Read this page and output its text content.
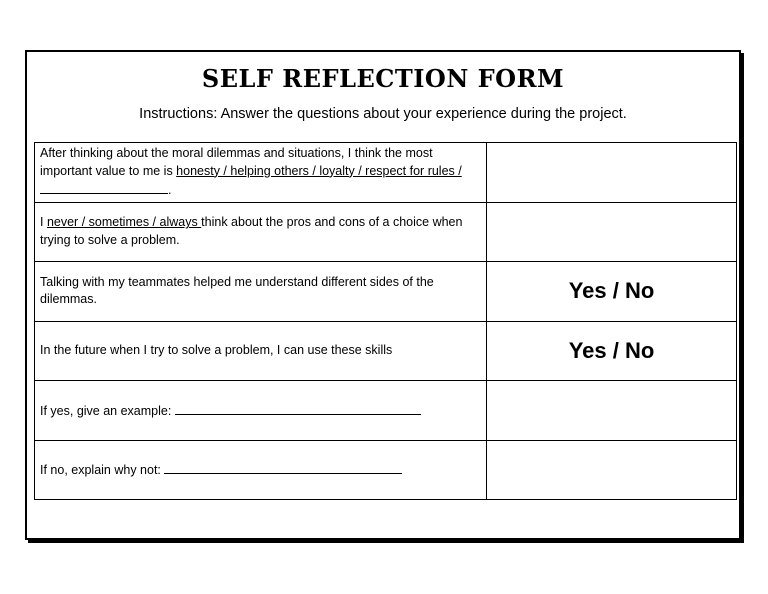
SELF REFLECTION FORM
Instructions: Answer the questions about your experience during the project.
After thinking about the moral dilemmas and situations, I think the most important value to me is honesty / helping others / loyalty / respect for rules /.	
I never / sometimes / always think about the pros and cons of a choice when trying to solve a problem.	
Talking with my teammates helped me understand different sides of the dilemmas.	Yes / No
In the future when I try to solve a problem, I can use these skills	Yes / No
If yes, give an example:	
If no, explain why not:	
